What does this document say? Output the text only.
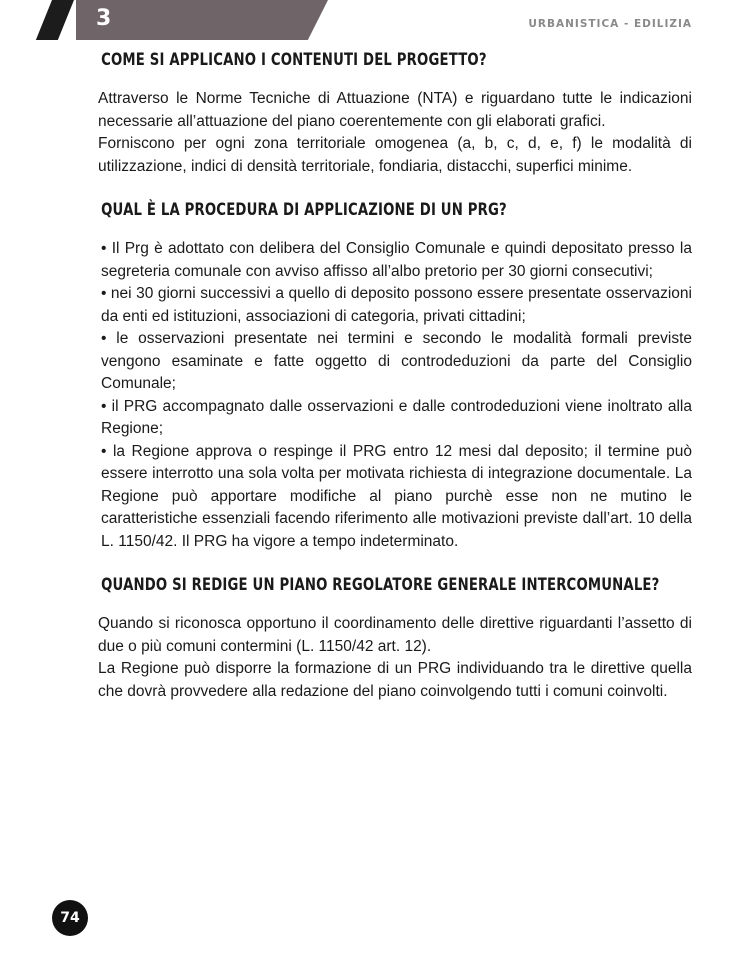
3	URBANISTICA - EDILIZIA
COME SI APPLICANO I CONTENUTI DEL PROGETTO?

Attraverso le Norme Tecniche di Attuazione (NTA) e riguardano tutte le indicazioni necessarie all’attuazione del piano coerentemente con gli elaborati grafici.

Forniscono per ogni zona territoriale omogenea (a, b, c, d, e, f) le modalità di utilizzazione, indici di densità territoriale, fondiaria, distacchi, superfici minime.

QUAL È LA PROCEDURA DI APPLICAZIONE DI UN PRG?

• Il Prg è adottato con delibera del Consiglio Comunale e quindi depositato presso la segreteria comunale con avviso affisso all’albo pretorio per 30 giorni consecutivi;

• nei 30 giorni successivi a quello di deposito possono essere presentate osservazioni da enti ed istituzioni, associazioni di categoria, privati cittadini;

• le osservazioni presentate nei termini e secondo le modalità formali previste vengono esaminate e fatte oggetto di controdeduzioni da parte del Consiglio Comunale;

• il PRG accompagnato dalle osservazioni e dalle controdeduzioni viene inoltrato alla Regione;

• la Regione approva o respinge il PRG entro 12 mesi dal deposito; il termine può essere interrotto una sola volta per motivata richiesta di integrazione documentale. La Regione può apportare modifiche al piano purchè esse non ne mutino le caratteristiche essenziali facendo riferimento alle motivazioni previste dall’art. 10 della L. 1150/42. Il PRG ha vigore a tempo indeterminato.

QUANDO SI REDIGE UN PIANO REGOLATORE GENERALE INTERCOMUNALE?

Quando si riconosca opportuno il coordinamento delle direttive riguardanti l’assetto di due o più comuni contermini (L. 1150/42 art. 12).

La Regione può disporre la formazione di un PRG individuando tra le direttive quella che dovrà provvedere alla redazione del piano coinvolgendo tutti i comuni coinvolti.

74
